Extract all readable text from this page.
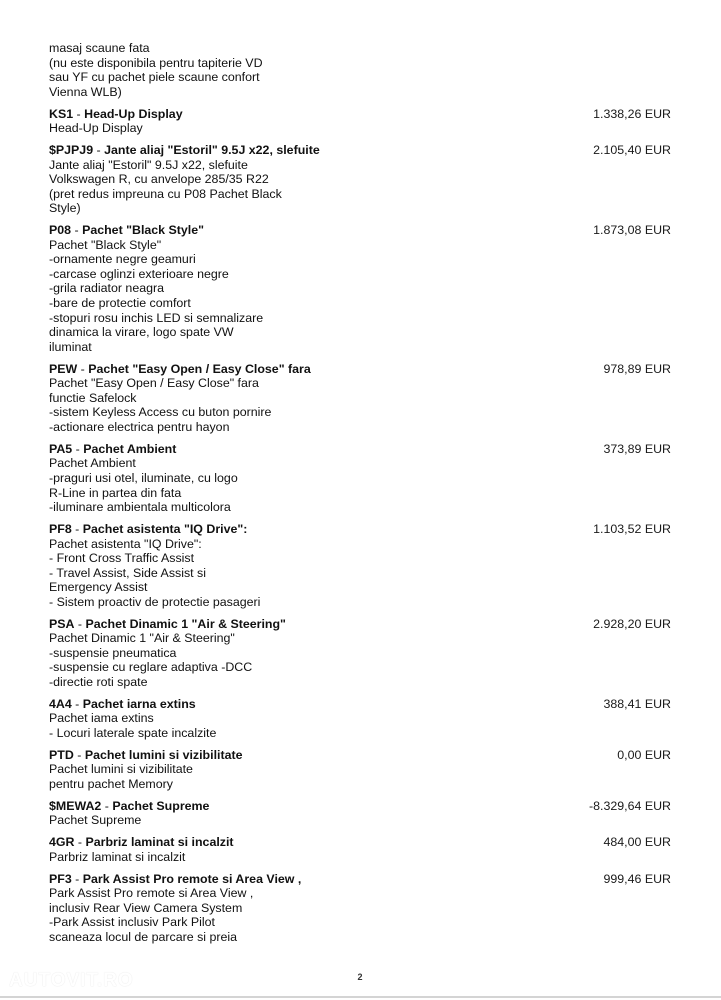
masaj scaune fata
(nu este disponibila pentru tapiterie VD
sau YF cu pachet piele scaune confort
Vienna WLB)
KS1 - Head-Up Display	1.338,26 EUR
Head-Up Display
$PJPJ9 - Jante aliaj "Estoril" 9.5J x22, slefuite	2.105,40 EUR
Jante aliaj "Estoril" 9.5J x22, slefuite
Volkswagen R, cu anvelope 285/35 R22
(pret redus impreuna cu P08 Pachet Black
Style)
P08 - Pachet "Black Style"	1.873,08 EUR
Pachet "Black Style"
-ornamente negre geamuri
-carcase oglinzi exterioare negre
-grila radiator neagra
-bare de protectie comfort
-stopuri rosu inchis LED si semnalizare
dinamica la virare, logo spate VW
iluminat
PEW - Pachet "Easy Open / Easy Close" fara	978,89 EUR
Pachet "Easy Open / Easy Close" fara
functie Safelock
-sistem Keyless Access cu buton pornire
-actionare electrica pentru hayon
PA5 - Pachet Ambient	373,89 EUR
Pachet Ambient
-praguri usi otel, iluminate, cu logo
R-Line in partea din fata
-iluminare ambientala multicolora
PF8 - Pachet asistenta "IQ Drive":	1.103,52 EUR
Pachet asistenta "IQ Drive":
- Front Cross Traffic Assist
- Travel Assist, Side Assist si
Emergency Assist
- Sistem proactiv de protectie pasageri
PSA - Pachet Dinamic 1 "Air & Steering"	2.928,20 EUR
Pachet Dinamic 1 "Air & Steering"
-suspensie pneumatica
-suspensie cu reglare adaptiva -DCC
-directie roti spate
4A4 - Pachet iarna extins	388,41 EUR
Pachet iama extins
- Locuri laterale spate incalzite
PTD - Pachet lumini si vizibilitate	0,00 EUR
Pachet lumini si vizibilitate
pentru pachet Memory
$MEWA2 - Pachet Supreme	-8.329,64 EUR
Pachet Supreme
4GR - Parbriz laminat si incalzit	484,00 EUR
Parbriz laminat si incalzit
PF3 - Park Assist Pro remote si Area View ,	999,46 EUR
Park Assist Pro remote si Area View ,
inclusiv Rear View Camera System
-Park Assist inclusiv Park Pilot
scaneaza locul de parcare si preia
AUTOVIT.RO	2
